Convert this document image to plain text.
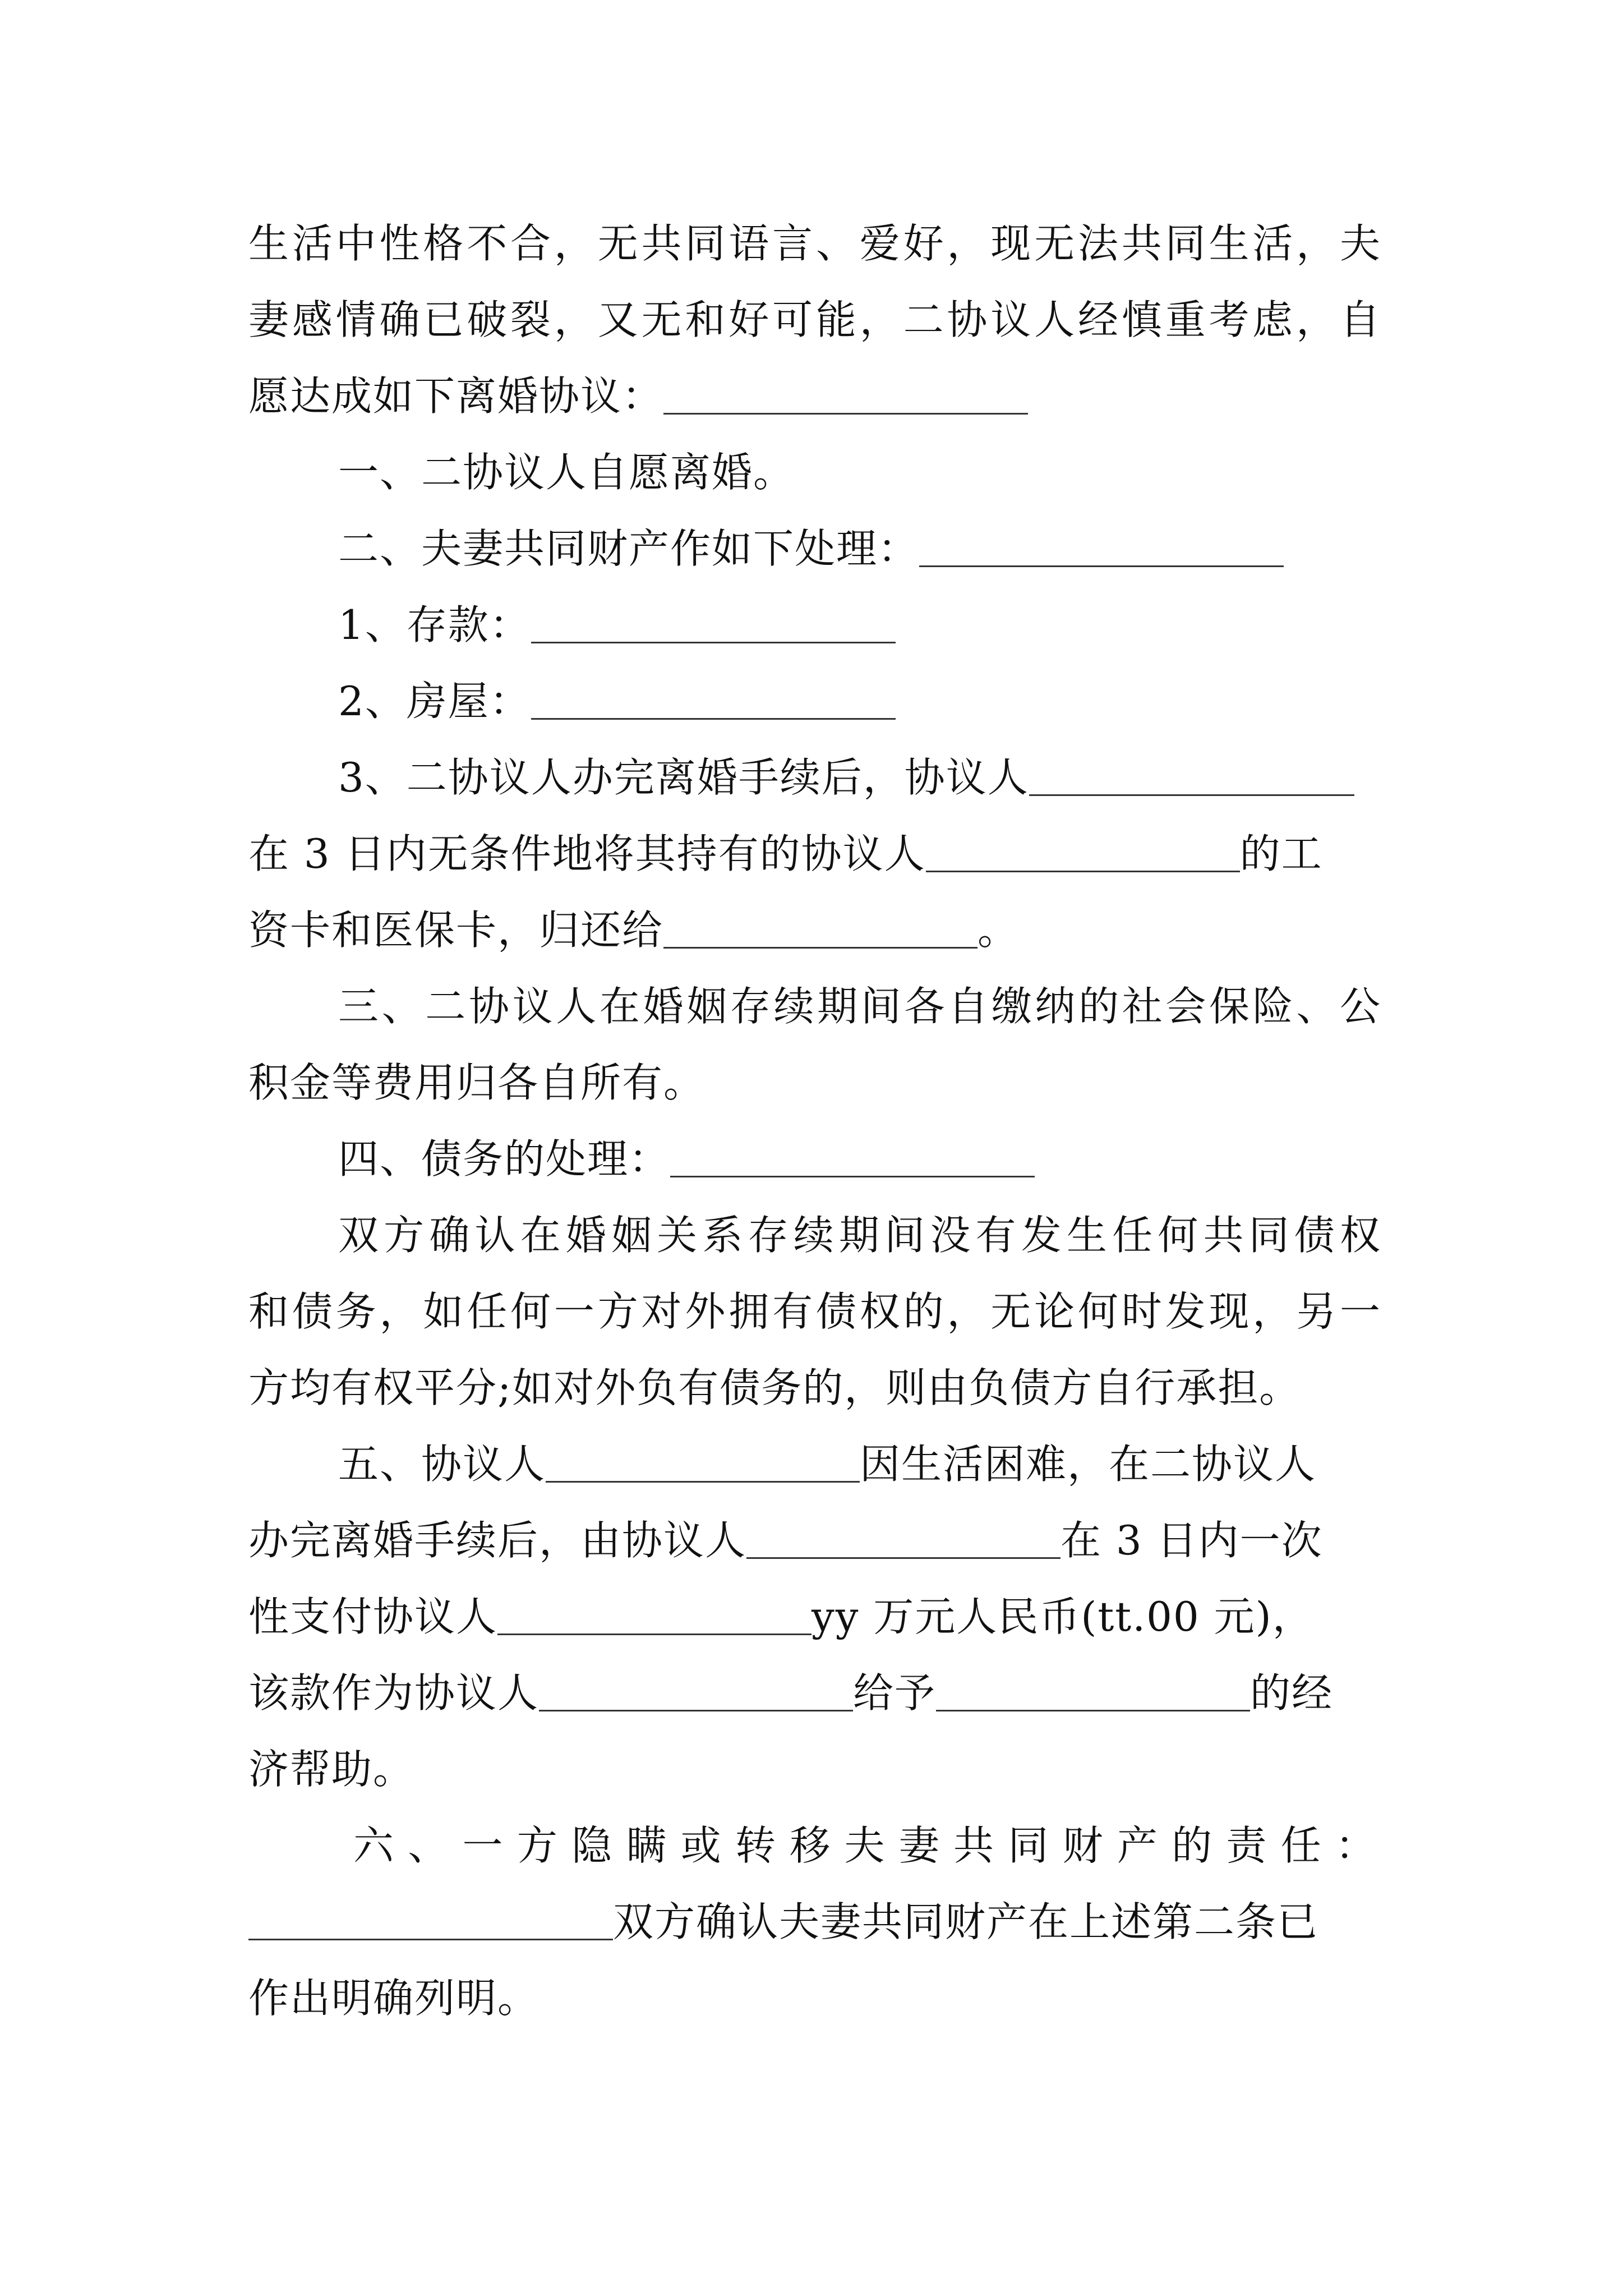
生活中性格不合，无共同语言、爱好，现无法共同生活，夫
妻感情确已破裂，又无和好可能，二协议人经慎重考虑，自
愿达成如下离婚协议：
一、二协议人自愿离婚。
二、夫妻共同财产作如下处理：
1、存款：
2、房屋：
3、二协议人办完离婚手续后，协议人
在 3 日内无条件地将其持有的协议人	的工
资卡和医保卡，归还给	。
三、二协议人在婚姻存续期间各自缴纳的社会保险、公
积金等费用归各自所有。
四、债务的处理：
双方确认在婚姻关系存续期间没有发生任何共同债权
和债务，如任何一方对外拥有债权的，无论何时发现，另一
方均有权平分;如对外负有债务的，则由负债方自行承担。
五、协议人	因生活困难，在二协议人
办完离婚手续后，由协议人	在 3 日内一次
性支付协议人	yy 万元人民币(tt.00 元)，
该款作为协议人	给予	的经
济帮助。
六、一方隐瞒或转移夫妻共同财产的责任：
双方确认夫妻共同财产在上述第二条已
作出明确列明。
